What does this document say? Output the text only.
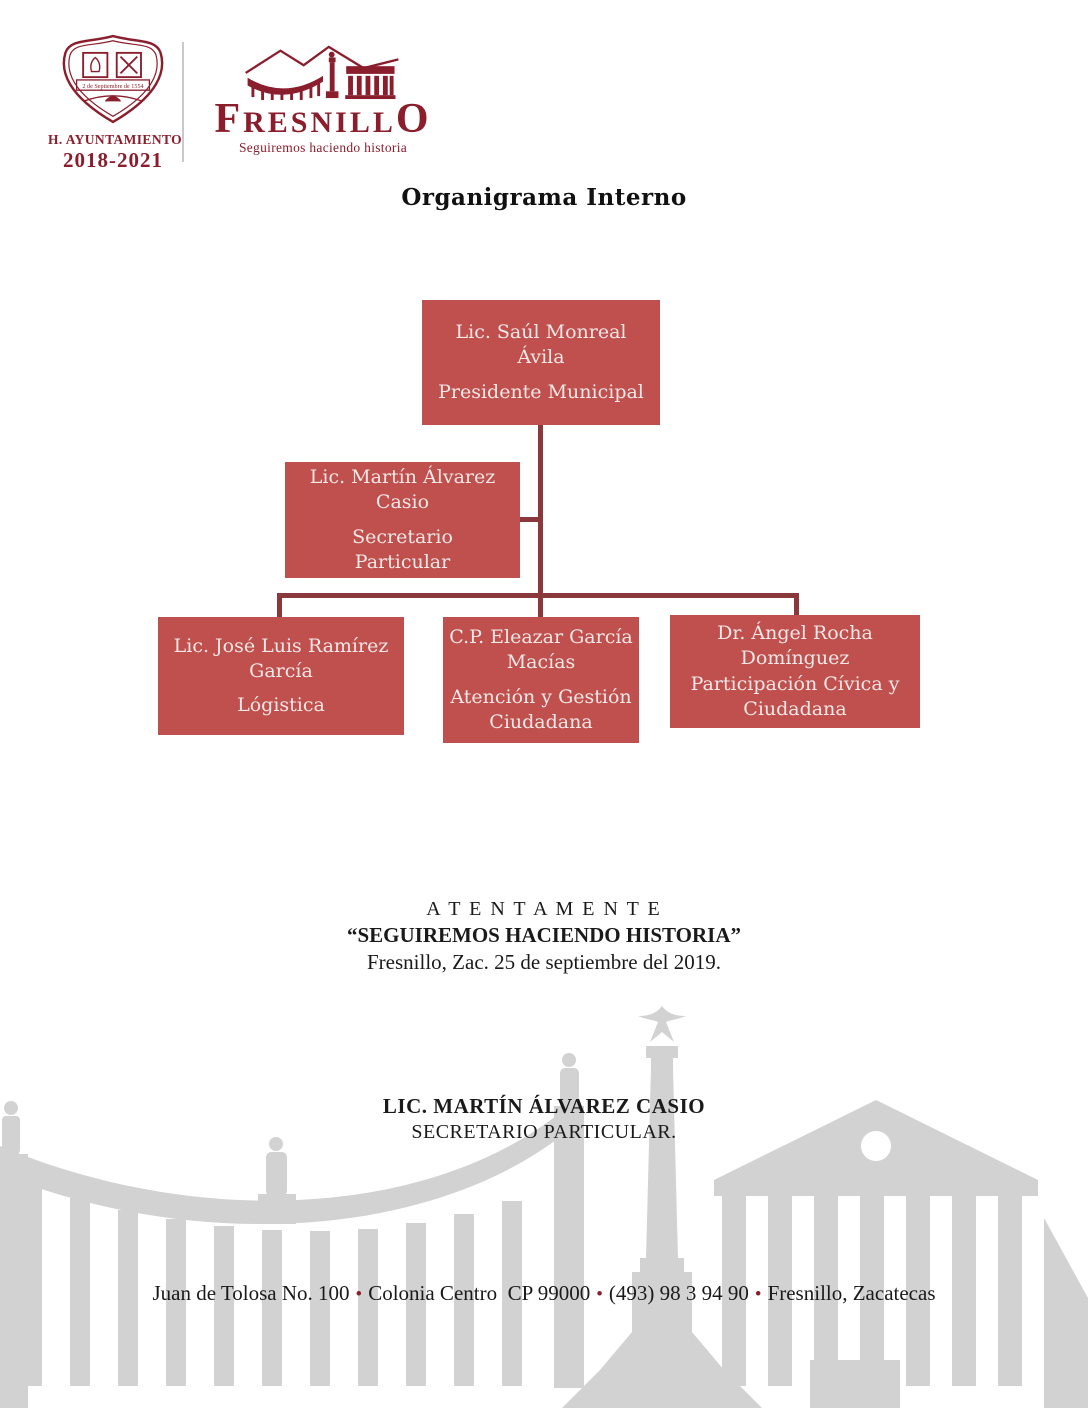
2 de Septiembre de 1554
H. AYUNTAMIENTO
2018-2021
FRESNILLO
Seguiremos haciendo historia
Organigrama Interno

Lic. Saúl Monreal Ávila

Presidente Municipal

Lic. Martín Álvarez Casio

Secretario Particular

Lic. José Luis Ramírez García

Lógistica

C.P. Eleazar García Macías

Atención y Gestión Ciudadana

Dr. Ángel Rocha Domínguez Participación Cívica y Ciudadana

A T E N T A M E N T E
“SEGUIREMOS HACIENDO HISTORIA”
Fresnillo, Zac. 25 de septiembre del 2019.
LIC. MARTÍN ÁLVAREZ CASIO
SECRETARIO PARTICULAR.
Juan de Tolosa No. 100 • Colonia Centro  CP 99000 • (493) 98 3 94 90 • Fresnillo, Zacatecas
